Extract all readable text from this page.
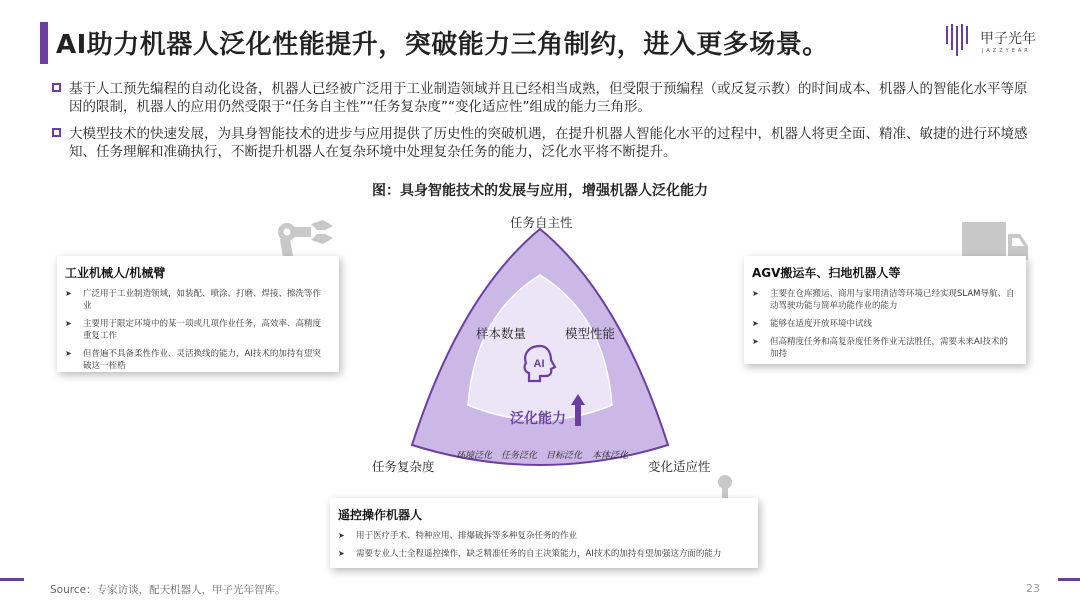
AI助力机器人泛化性能提升，突破能力三角制约，进入更多场景。	甲子光年
JAZZYEAR
基于人工预先编程的自动化设备，机器人已经被广泛用于工业制造领域并且已经相当成熟，但受限于预编程（或反复示教）的时间成本、机器人的智能化水平等原因的限制，机器人的应用仍然受限于“任务自主性”“任务复杂度”“变化适应性”组成的能力三角形。
大模型技术的快速发展，为具身智能技术的进步与应用提供了历史性的突破机遇，在提升机器人智能化水平的过程中，机器人将更全面、精准、敏捷的进行环境感知、任务理解和准确执行，不断提升机器人在复杂环境中处理复杂任务的能力，泛化水平将不断提升。
图：具身智能技术的发展与应用，增强机器人泛化能力
任务自主性
任务复杂度	变化适应性
样本数量	模型性能
AI
泛化能力
环境泛化 任务泛化 目标泛化 本体泛化
工业机械人/机械臂
➤ 广泛用于工业制造领域，如装配、喷涂、打磨、焊接、擦洗等作业
➤ 主要用于限定环境中的某一项或几项作业任务，高效率、高精度重复工作
➤ 但普遍不具备柔性作业、灵活换线的能力，AI技术的加持有望突破这一桎梏
AGV搬运车、扫地机器人等
➤ 主要在仓库搬运、商用与家用清洁等环境已经实现SLAM导航、自动驾驶功能与简单功能作业的能力
➤ 能够在适度开放环境中试线
➤ 但高精度任务和高复杂度任务作业无法胜任，需要未来AI技术的加持
遥控操作机器人
➤ 用于医疗手术、特种应用、排爆破拆等多种复杂任务的作业
➤ 需要专业人士全程遥控操作，缺乏精准任务的自主决策能力，AI技术的加持有望加强这方面的能力
Source：专家访谈，配天机器人，甲子光年智库。	23
